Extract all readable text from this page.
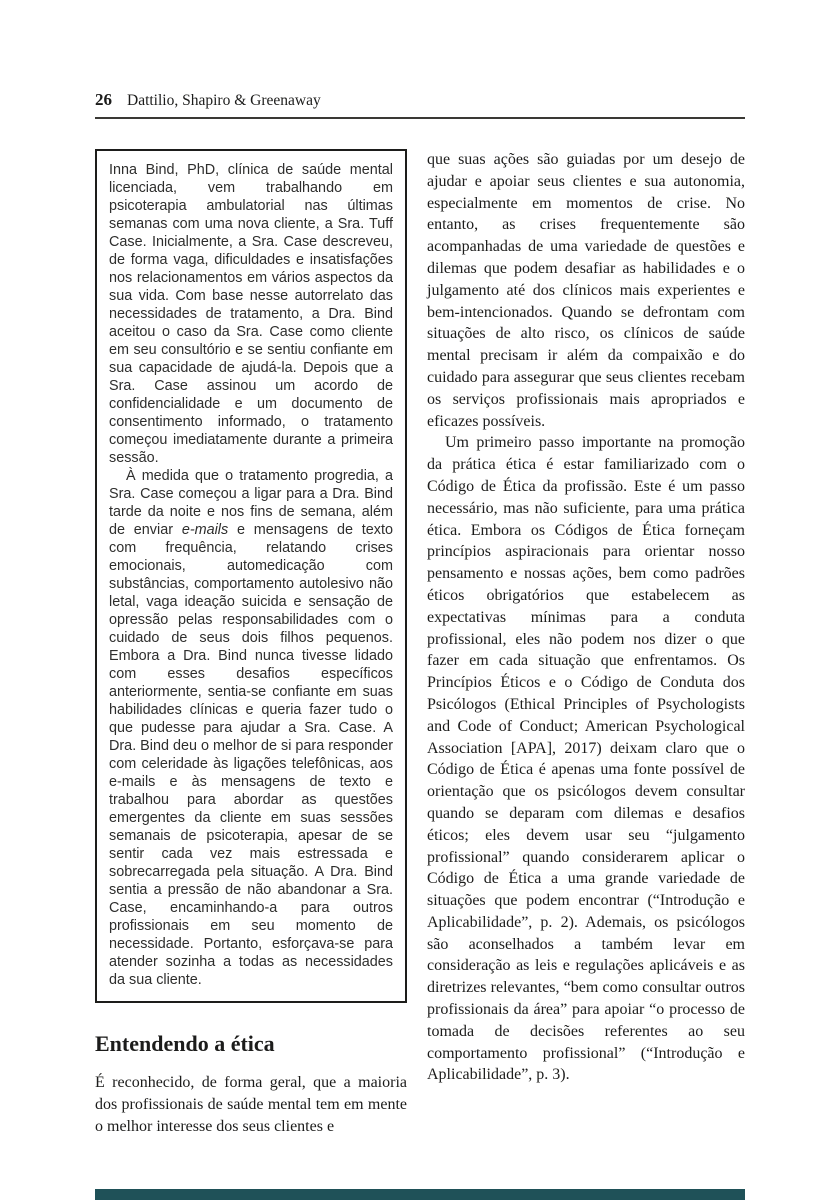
26 Dattilio, Shapiro & Greenaway

Inna Bind, PhD, clínica de saúde mental licenciada, vem trabalhando em psicoterapia ambulatorial nas últimas semanas com uma nova cliente, a Sra. Tuff Case. Inicialmente, a Sra. Case descreveu, de forma vaga, dificuldades e insatisfações nos relacionamentos em vários aspectos da sua vida. Com base nesse autorrelato das necessidades de tratamento, a Dra. Bind aceitou o caso da Sra. Case como cliente em seu consultório e se sentiu confiante em sua capacidade de ajudá-la. Depois que a Sra. Case assinou um acordo de confidencialidade e um documento de consentimento informado, o tratamento começou imediatamente durante a primeira sessão.

À medida que o tratamento progredia, a Sra. Case começou a ligar para a Dra. Bind tarde da noite e nos fins de semana, além de enviar e-mails e mensagens de texto com frequência, relatando crises emocionais, automedicação com substâncias, comportamento autolesivo não letal, vaga ideação suicida e sensação de opressão pelas responsabilidades com o cuidado de seus dois filhos pequenos. Embora a Dra. Bind nunca tivesse lidado com esses desafios específicos anteriormente, sentia-se confiante em suas habilidades clínicas e queria fazer tudo o que pudesse para ajudar a Sra. Case. A Dra. Bind deu o melhor de si para responder com celeridade às ligações telefônicas, aos e-mails e às mensagens de texto e trabalhou para abordar as questões emergentes da cliente em suas sessões semanais de psicoterapia, apesar de se sentir cada vez mais estressada e sobrecarregada pela situação. A Dra. Bind sentia a pressão de não abandonar a Sra. Case, encaminhando-a para outros profissionais em seu momento de necessidade. Portanto, esforçava-se para atender sozinha a todas as necessidades da sua cliente.

Entendendo a ética

É reconhecido, de forma geral, que a maioria dos profissionais de saúde mental tem em mente o melhor interesse dos seus clientes e

que suas ações são guiadas por um desejo de ajudar e apoiar seus clientes e sua autonomia, especialmente em momentos de crise. No entanto, as crises frequentemente são acompanhadas de uma variedade de questões e dilemas que podem desafiar as habilidades e o julgamento até dos clínicos mais experientes e bem-intencionados. Quando se defrontam com situações de alto risco, os clínicos de saúde mental precisam ir além da compaixão e do cuidado para assegurar que seus clientes recebam os serviços profissionais mais apropriados e eficazes possíveis.

Um primeiro passo importante na promoção da prática ética é estar familiarizado com o Código de Ética da profissão. Este é um passo necessário, mas não suficiente, para uma prática ética. Embora os Códigos de Ética forneçam princípios aspiracionais para orientar nosso pensamento e nossas ações, bem como padrões éticos obrigatórios que estabelecem as expectativas mínimas para a conduta profissional, eles não podem nos dizer o que fazer em cada situação que enfrentamos. Os Princípios Éticos e o Código de Conduta dos Psicólogos (Ethical Principles of Psychologists and Code of Conduct; American Psychological Association [APA], 2017) deixam claro que o Código de Ética é apenas uma fonte possível de orientação que os psicólogos devem consultar quando se deparam com dilemas e desafios éticos; eles devem usar seu “julgamento profissional” quando considerarem aplicar o Código de Ética a uma grande variedade de situações que podem encontrar (“Introdução e Aplicabilidade”, p. 2). Ademais, os psicólogos são aconselhados a também levar em consideração as leis e regulações aplicáveis e as diretrizes relevantes, “bem como consultar outros profissionais da área” para apoiar “o processo de tomada de decisões referentes ao seu comportamento profissional” (“Introdução e Aplicabilidade”, p. 3).
